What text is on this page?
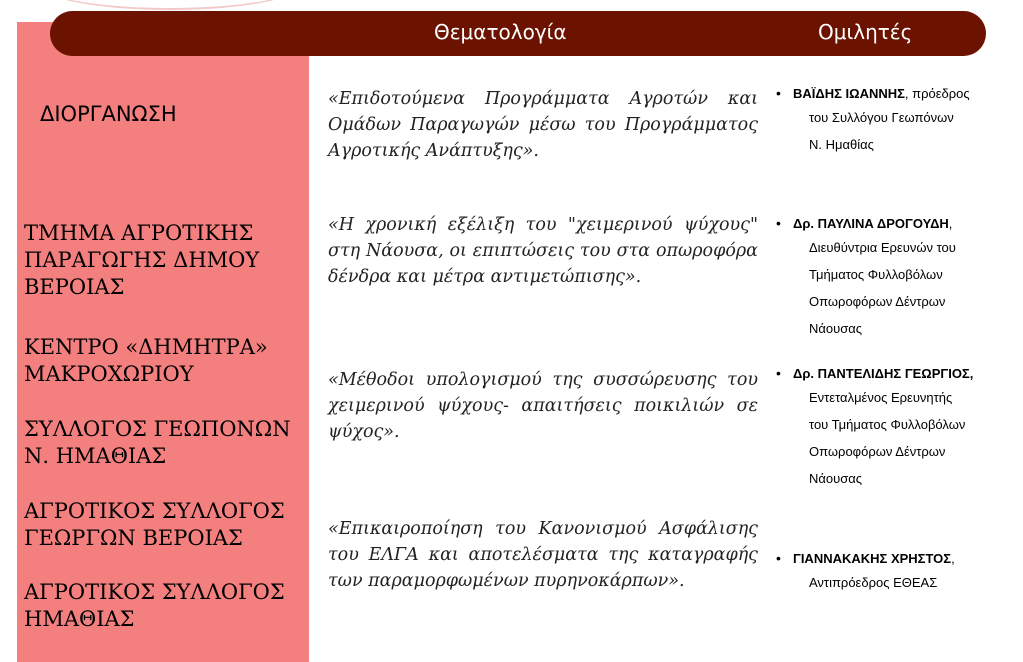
Θεματολογία	Ομιλητές
ΔΙΟΡΓΑΝΩΣΗ
ΤΜΗΜΑ ΑΓΡΟΤΙΚΗΣ
ΠΑΡΑΓΩΓΗΣ ΔΗΜΟΥ
ΒΕΡΟΙΑΣ
ΚΕΝΤΡΟ «ΔΗΜΗΤΡΑ»
ΜΑΚΡΟΧΩΡΙΟΥ
ΣΥΛΛΟΓΟΣ ΓΕΩΠΟΝΩΝ
Ν. ΗΜΑΘΙΑΣ
ΑΓΡΟΤΙΚΟΣ ΣΥΛΛΟΓΟΣ
ΓΕΩΡΓΩΝ ΒΕΡΟΙΑΣ
ΑΓΡΟΤΙΚΟΣ ΣΥΛΛΟΓΟΣ
ΗΜΑΘΙΑΣ
«Επιδοτούμενα Προγράμματα Αγροτών και Ομάδων Παραγωγών μέσω του Προγράμματος Αγροτικής Ανάπτυξης».
«Η χρονική εξέλιξη του "χειμερινού ψύχους" στη Νάουσα, οι επιπτώσεις του στα οπωροφόρα δένδρα και μέτρα αντιμετώπισης».
«Μέθοδοι υπολογισμού της συσσώρευσης του χειμερινού ψύχους- απαιτήσεις ποικιλιών σε ψύχος».
«Επικαιροποίηση του Κανονισμού Ασφάλισης του ΕΛΓΑ και αποτελέσματα της καταγραφής των παραμορφωμένων πυρηνοκάρπων».
• ΒΑΪΔΗΣ ΙΩΑΝΝΗΣ, πρόεδρος
του Συλλόγου Γεωπόνων
Ν. Ημαθίας
• Δρ. ΠΑΥΛΙΝΑ ΔΡΟΓΟΥΔΗ,
Διευθύντρια Ερευνών του
Τμήματος Φυλλοβόλων
Οπωροφόρων Δέντρων
Νάουσας
• Δρ. ΠΑΝΤΕΛΙΔΗΣ ΓΕΩΡΓΙΟΣ,
Εντεταλμένος Ερευνητής
του Τμήματος Φυλλοβόλων
Οπωροφόρων Δέντρων
Νάουσας
• ΓΙΑΝΝΑΚΑΚΗΣ ΧΡΗΣΤΟΣ,
Αντιπρόεδρος ΕΘΕΑΣ
